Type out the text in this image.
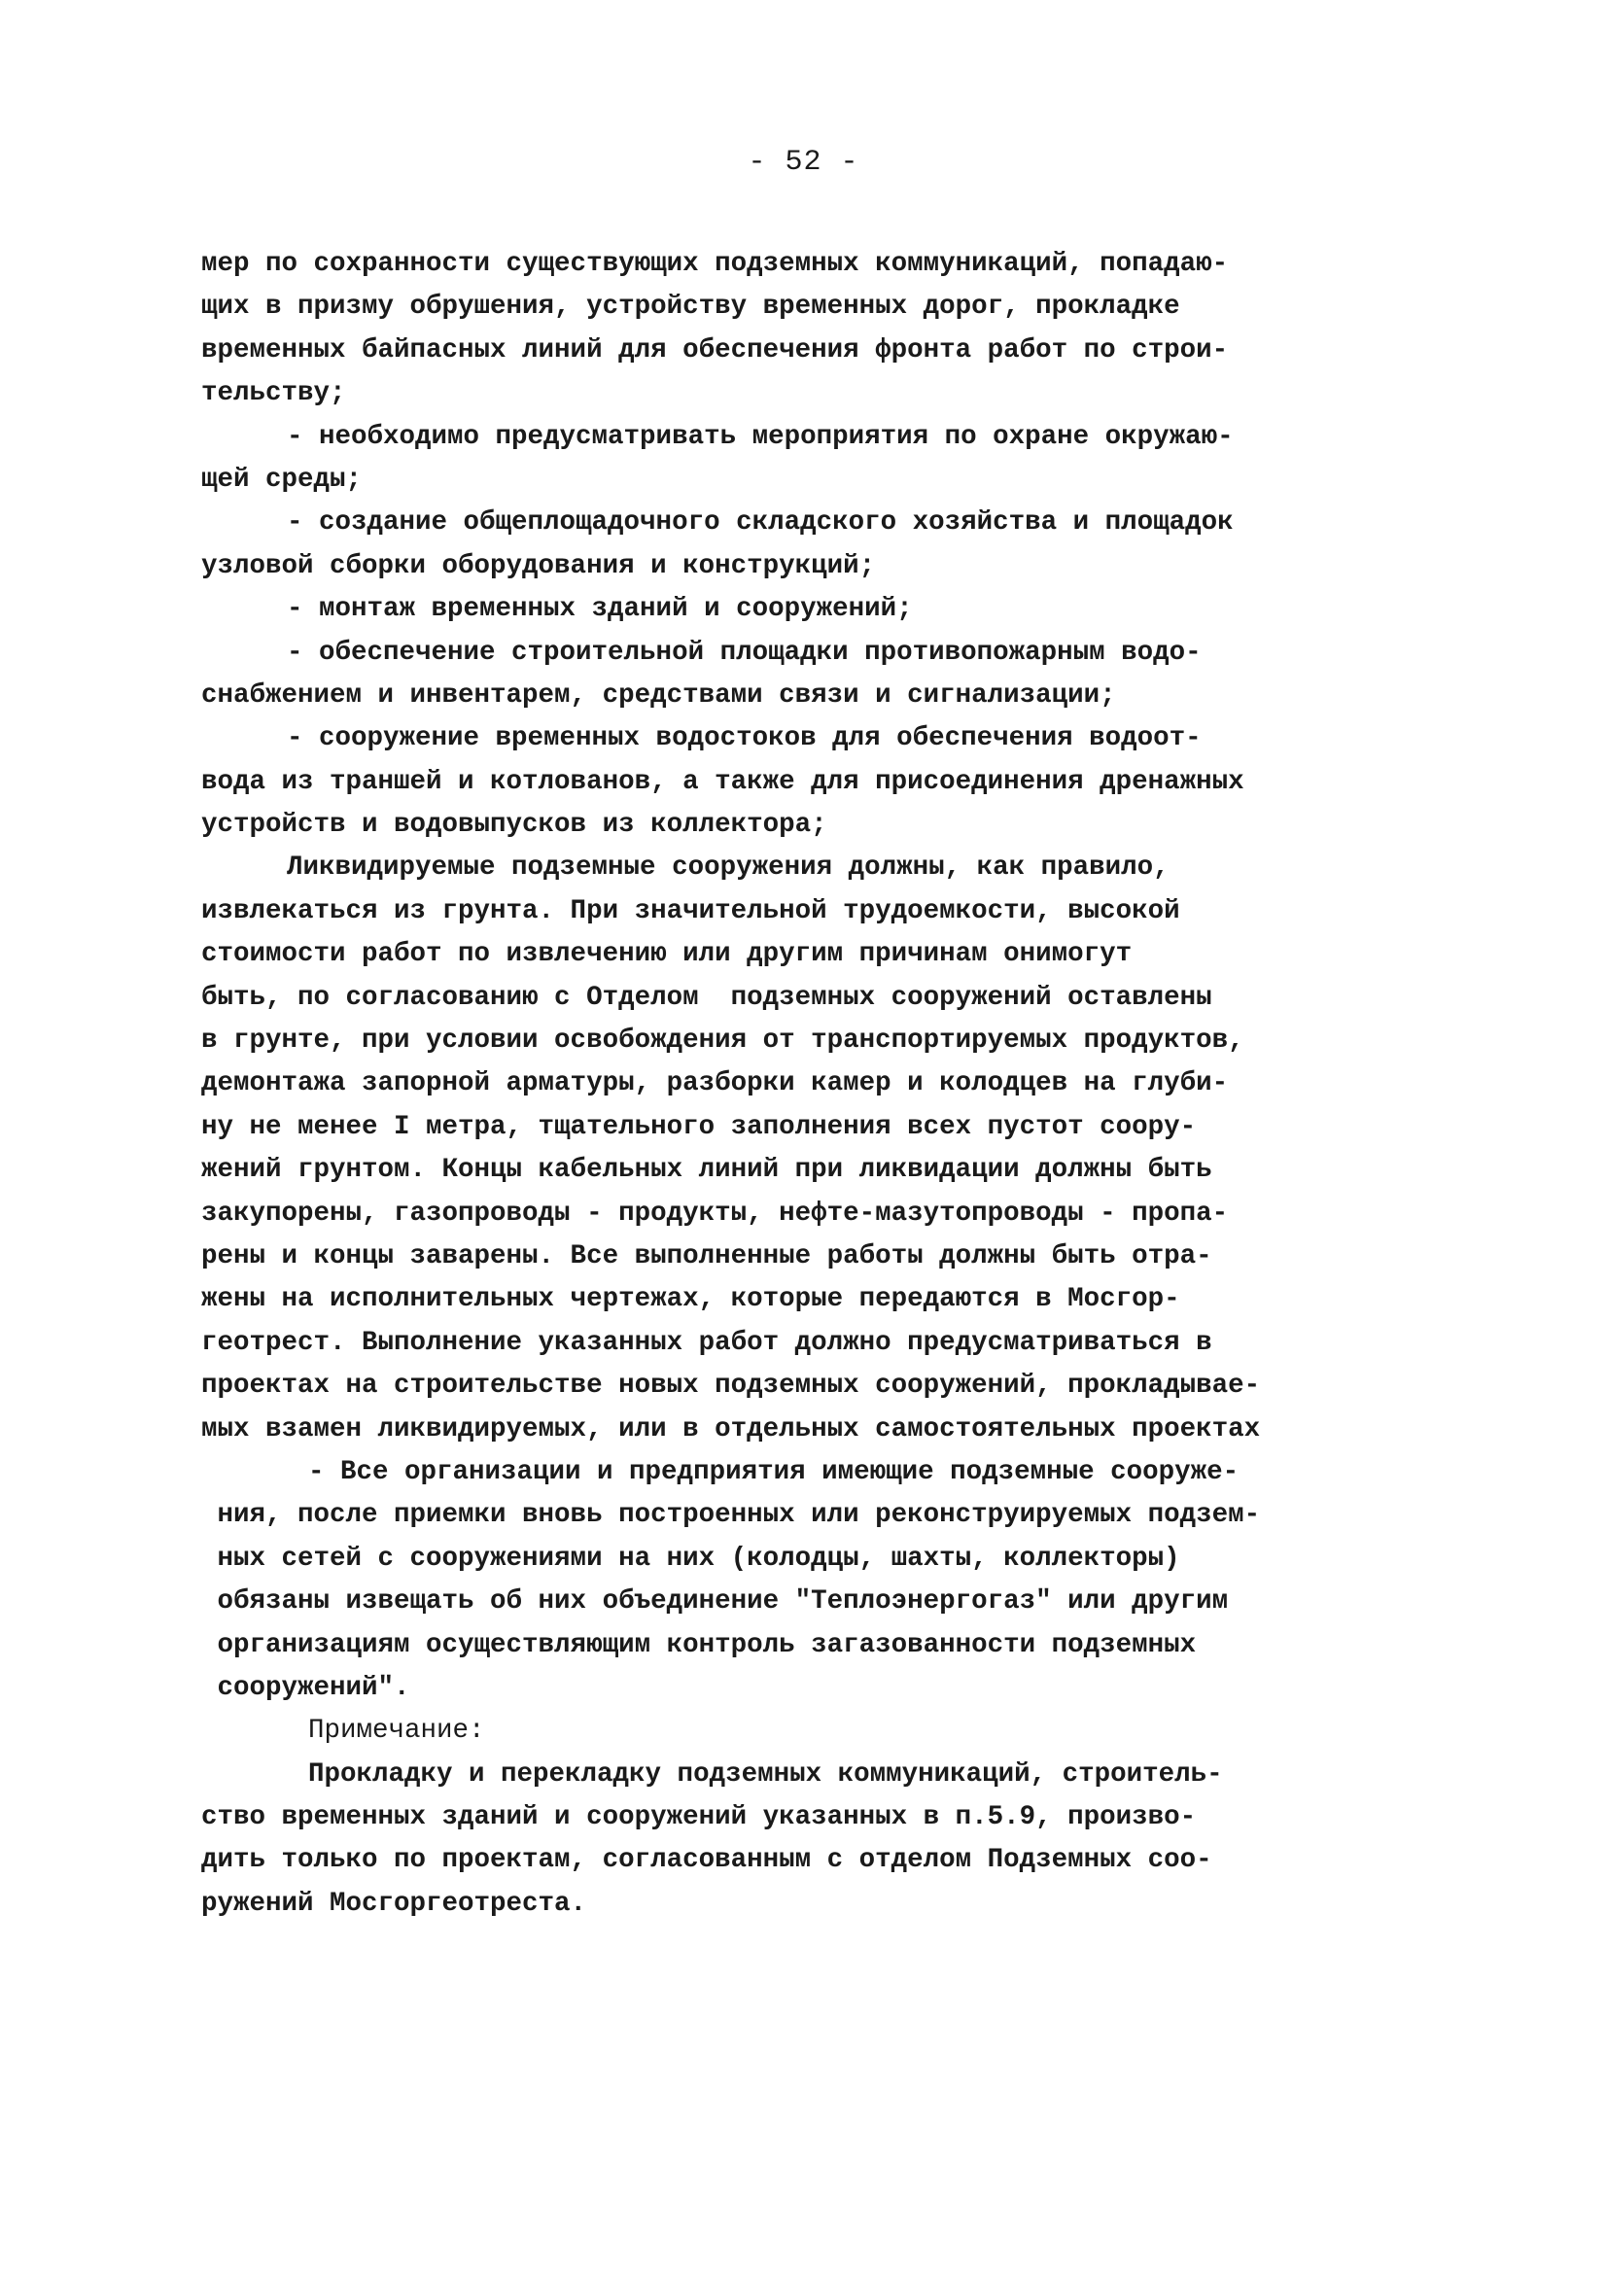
- 52 -
мер по сохранности существующих подземных коммуникаций, попадаю-
щих в призму обрушения, устройству временных дорог, прокладке
временных байпасных линий для обеспечения фронта работ по строи-
тельству;
- необходимо предусматривать мероприятия по охране окружаю-
щей среды;
- создание общеплощадочного складского хозяйства и площадок
узловой сборки оборудования и конструкций;
- монтаж временных зданий и сооружений;
- обеспечение строительной площадки противопожарным водо-
снабжением и инвентарем, средствами связи и сигнализации;
- сооружение временных водостоков для обеспечения водоот-
вода из траншей и котлованов, а также для присоединения дренажных
устройств и водовыпусков из коллектора;
Ликвидируемые подземные сооружения должны, как правило,
извлекаться из грунта. При значительной трудоемкости, высокой
стоимости работ по извлечению или другим причинам онимогут
быть, по согласованию с Отделом  подземных сооружений оставлены
в грунте, при условии освобождения от транспортируемых продуктов,
демонтажа запорной арматуры, разборки камер и колодцев на глуби-
ну не менее I метра, тщательного заполнения всех пустот соору-
жений грунтом. Концы кабельных линий при ликвидации должны быть
закупорены, газопроводы - продукты, нефте-мазутопроводы - пропа-
рены и концы заварены. Все выполненные работы должны быть отра-
жены на исполнительных чертежах, которые передаются в Мосгор-
геотрест. Выполнение указанных работ должно предусматриваться в
проектах на строительстве новых подземных сооружений, прокладывае-
мых взамен ликвидируемых, или в отдельных самостоятельных проектах
- Все организации и предприятия имеющие подземные сооруже-
ния, после приемки вновь построенных или реконструируемых подзем-
ных сетей с сооружениями на них (колодцы, шахты, коллекторы)
обязаны извещать об них объединение "Теплоэнергогаз" или другим
организациям осуществляющим контроль загазованности подземных
сооружений".
Примечание:
Прокладку и перекладку подземных коммуникаций, строитель-
ство временных зданий и сооружений указанных в п.5.9, произво-
дить только по проектам, согласованным с отделом Подземных соо-
ружений Мосгоргеотреста.
